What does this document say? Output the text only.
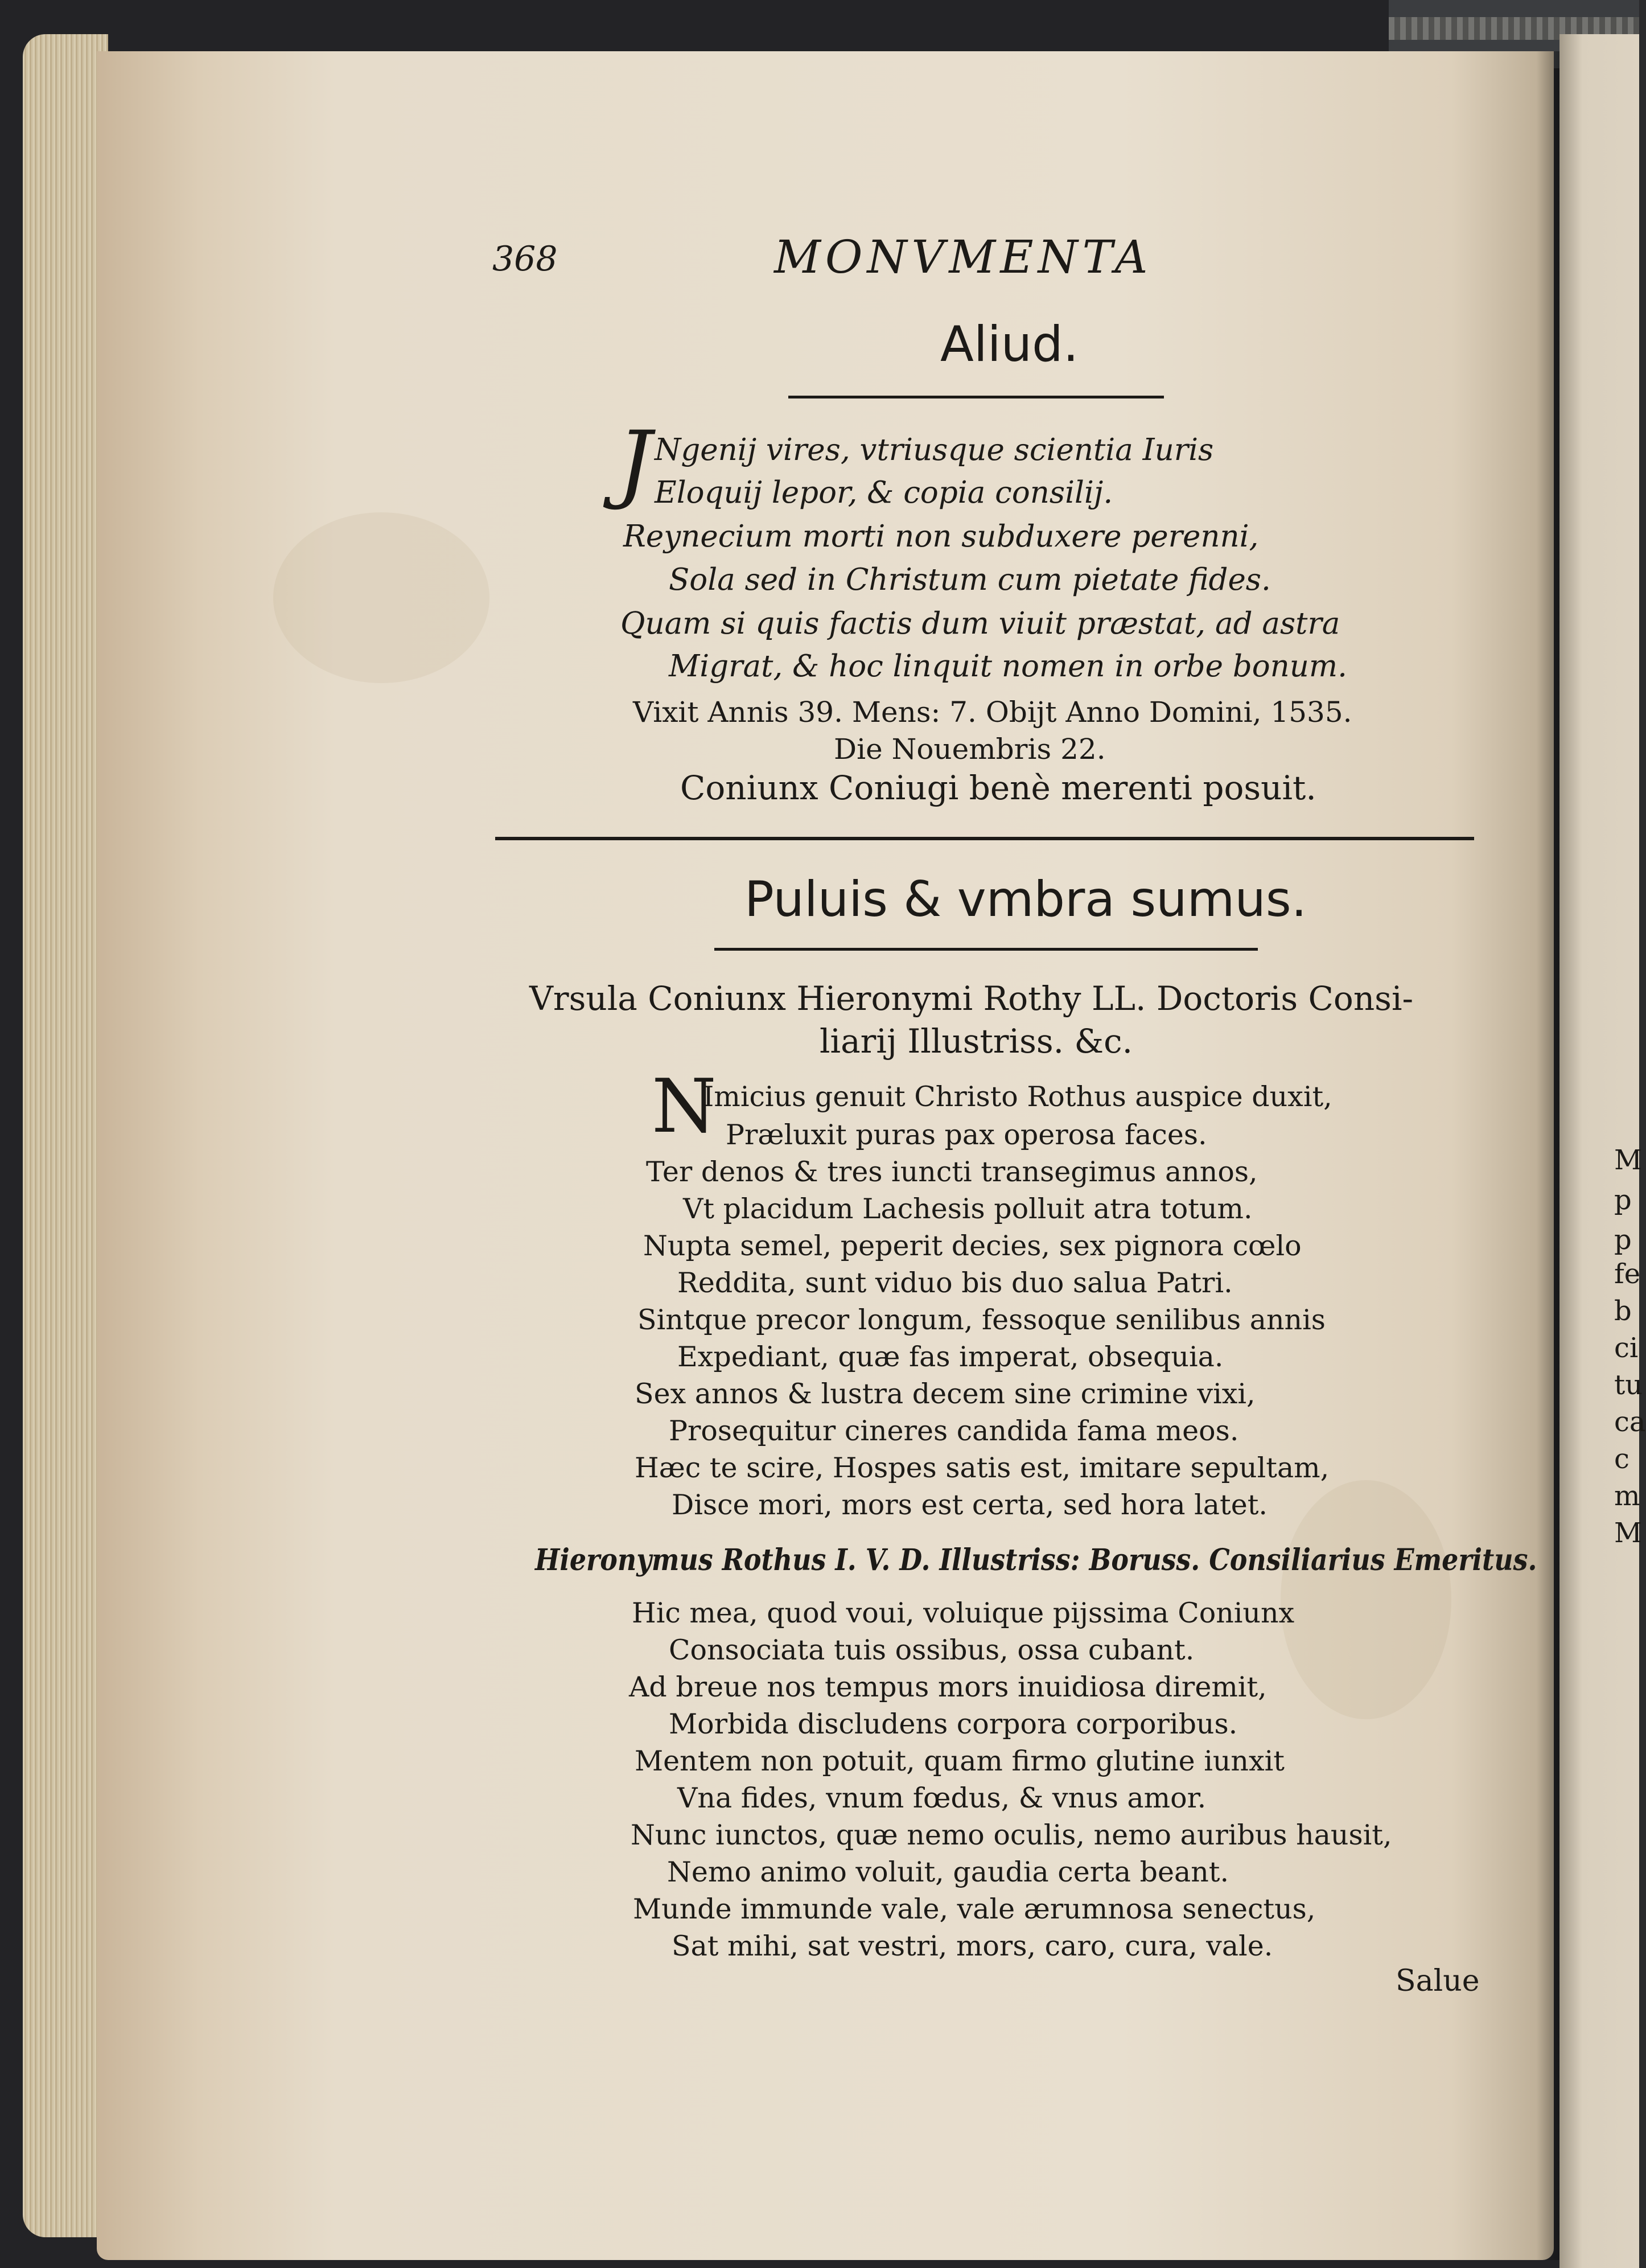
M
p
p
fe
b
ci
tu
ca
c
m
M
368	MONVMENTA
Aliud.
J Ngenij vires, vtriusque scientia Iuris
Eloquij lepor, & copia consilij.
Reynecium morti non subduxere perenni,
Sola sed in Christum cum pietate fides.
Quam si quis factis dum viuit præstat, ad astra
Migrat, & hoc linquit nomen in orbe bonum.
Vixit Annis 39. Mens: 7. Obijt Anno Domini, 1535.
Die Nouembris 22.
Coniunx Coniugi benè merenti posuit.
Puluis & vmbra sumus.
Vrsula Coniunx Hieronymi Rothy LL. Doctoris Consi-
liarij Illustriss. &c.
N
Imicius genuit Christo Rothus auspice duxit,
Præluxit puras pax operosa faces.
Ter denos & tres iuncti transegimus annos,
Vt placidum Lachesis polluit atra totum.
Nupta semel, peperit decies, sex pignora cœlo
Reddita, sunt viduo bis duo salua Patri.
Sintque precor longum, fessoque senilibus annis
Expediant, quæ fas imperat, obsequia.
Sex annos & lustra decem sine crimine vixi,
Prosequitur cineres candida fama meos.
Hæc te scire, Hospes satis est, imitare sepultam,
Disce mori, mors est certa, sed hora latet.
Hieronymus Rothus I. V. D. Illustriss: Boruss. Consiliarius Emeritus.
Hic mea, quod voui, voluique pijssima Coniunx
Consociata tuis ossibus, ossa cubant.
Ad breue nos tempus mors inuidiosa diremit,
Morbida discludens corpora corporibus.
Mentem non potuit, quam firmo glutine iunxit
Vna fides, vnum fœdus, & vnus amor.
Nunc iunctos, quæ nemo oculis, nemo auribus hausit,
Nemo animo voluit, gaudia certa beant.
Munde immunde vale, vale ærumnosa senectus,
Sat mihi, sat vestri, mors, caro, cura, vale.
Salue
